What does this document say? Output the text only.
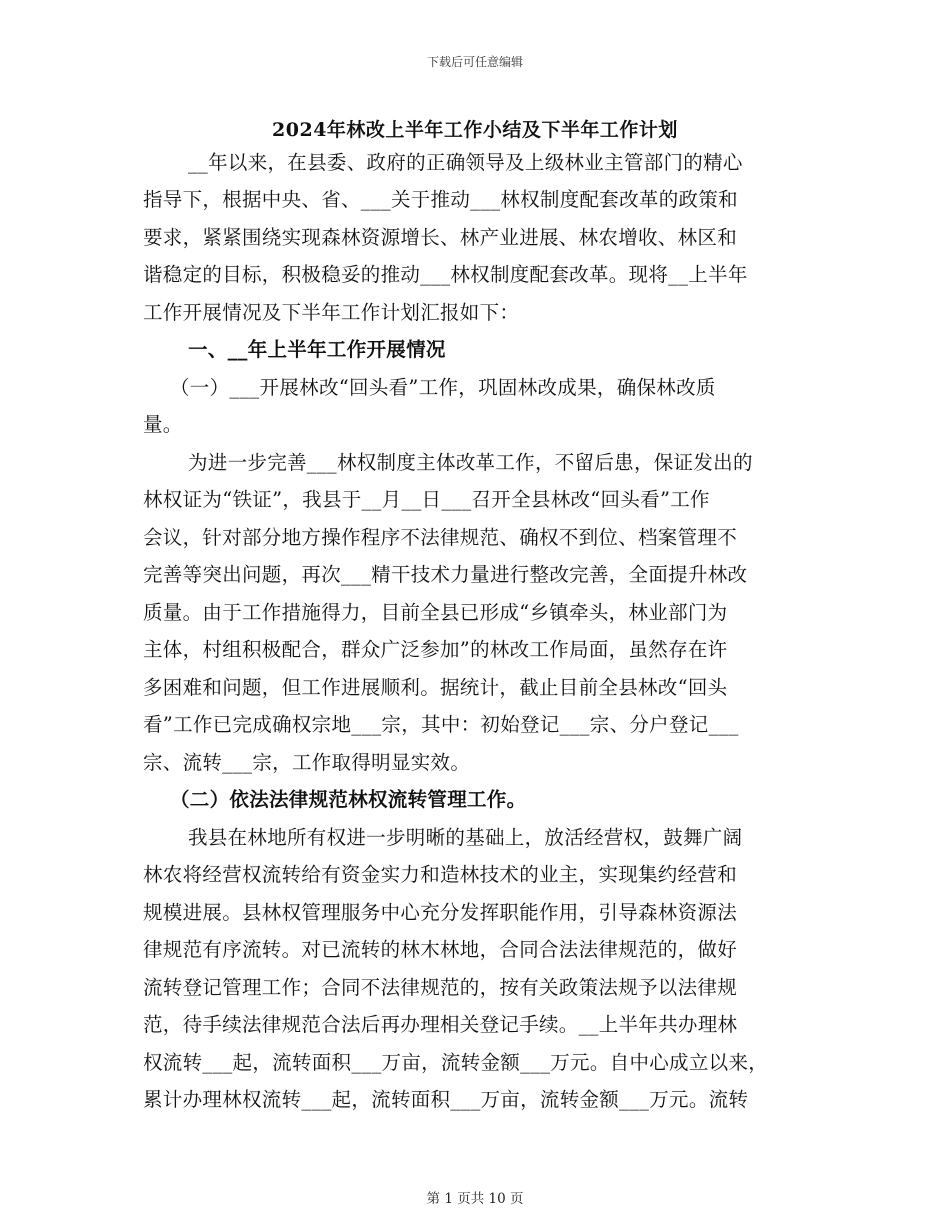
下载后可任意编辑
2024年林改上半年工作小结及下半年工作计划
__年以来，在县委、政府的正确领导及上级林业主管部门的精心
指导下，根据中央、省、___关于推动___林权制度配套改革的政策和
要求，紧紧围绕实现森林资源增长、林产业进展、林农增收、林区和
谐稳定的目标，积极稳妥的推动___林权制度配套改革。现将__上半年
工作开展情况及下半年工作计划汇报如下：
一、__年上半年工作开展情况
（一）___开展林改“回头看”工作，巩固林改成果，确保林改质
量。
为进一步完善___林权制度主体改革工作，不留后患，保证发出的
林权证为“铁证”，我县于__月__日___召开全县林改“回头看”工作
会议，针对部分地方操作程序不法律规范、确权不到位、档案管理不
完善等突出问题，再次___精干技术力量进行整改完善，全面提升林改
质量。由于工作措施得力，目前全县已形成“乡镇牵头，林业部门为
主体，村组积极配合，群众广泛参加”的林改工作局面，虽然存在许
多困难和问题，但工作进展顺利。据统计，截止目前全县林改“回头
看”工作已完成确权宗地___宗，其中：初始登记___宗、分户登记___
宗、流转___宗，工作取得明显实效。
（二）依法法律规范林权流转管理工作。
我县在林地所有权进一步明晰的基础上，放活经营权，鼓舞广阔
林农将经营权流转给有资金实力和造林技术的业主，实现集约经营和
规模进展。县林权管理服务中心充分发挥职能作用，引导森林资源法
律规范有序流转。对已流转的林木林地，合同合法法律规范的，做好
流转登记管理工作；合同不法律规范的，按有关政策法规予以法律规
范，待手续法律规范合法后再办理相关登记手续。__上半年共办理林
权流转___起，流转面积___万亩，流转金额___万元。自中心成立以来，
累计办理林权流转___起，流转面积___万亩，流转金额___万元。流转
第 1 页共 10 页
